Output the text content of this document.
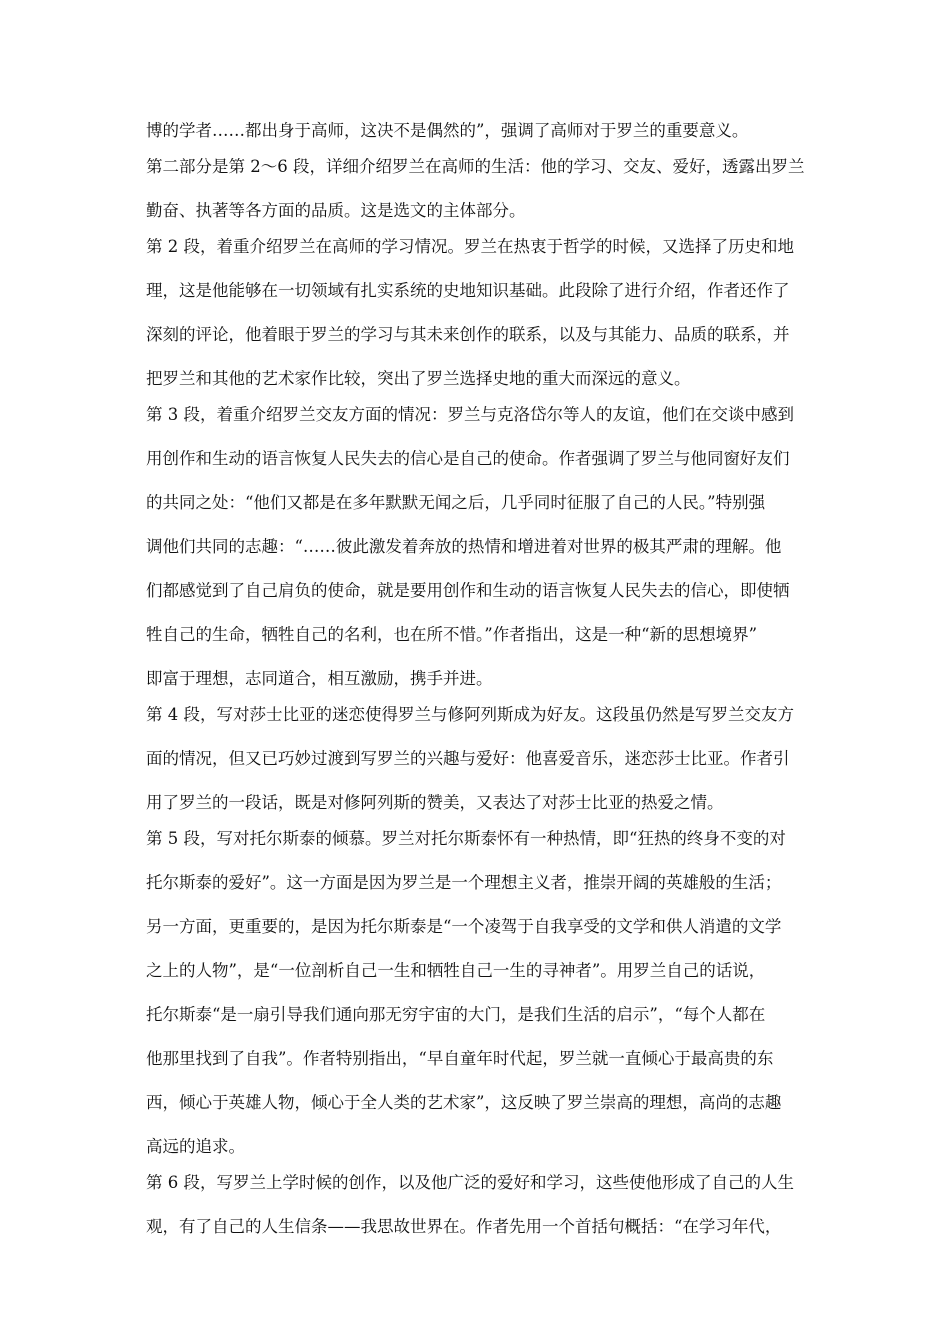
博的学者……都出身于高师，这决不是偶然的”，强调了高师对于罗兰的重要意义。
第二部分是第 2～6 段，详细介绍罗兰在高师的生活：他的学习、交友、爱好，透露出罗兰
勤奋、执著等各方面的品质。这是选文的主体部分。
第 2 段，着重介绍罗兰在高师的学习情况。罗兰在热衷于哲学的时候，又选择了历史和地
理，这是他能够在一切领域有扎实系统的史地知识基础。此段除了进行介绍，作者还作了
深刻的评论，他着眼于罗兰的学习与其未来创作的联系，以及与其能力、品质的联系，并
把罗兰和其他的艺术家作比较，突出了罗兰选择史地的重大而深远的意义。
第 3 段，着重介绍罗兰交友方面的情况：罗兰与克洛岱尔等人的友谊，他们在交谈中感到
用创作和生动的语言恢复人民失去的信心是自己的使命。作者强调了罗兰与他同窗好友们
的共同之处：“他们又都是在多年默默无闻之后，几乎同时征服了自己的人民。”特别强
调他们共同的志趣：“……彼此激发着奔放的热情和增进着对世界的极其严肃的理解。他
们都感觉到了自己肩负的使命，就是要用创作和生动的语言恢复人民失去的信心，即使牺
牲自己的生命，牺牲自己的名利，也在所不惜。”作者指出，这是一种“新的思想境界”
即富于理想，志同道合，相互激励，携手并进。
第 4 段，写对莎士比亚的迷恋使得罗兰与修阿列斯成为好友。这段虽仍然是写罗兰交友方
面的情况，但又已巧妙过渡到写罗兰的兴趣与爱好：他喜爱音乐，迷恋莎士比亚。作者引
用了罗兰的一段话，既是对修阿列斯的赞美，又表达了对莎士比亚的热爱之情。
第 5 段，写对托尔斯泰的倾慕。罗兰对托尔斯泰怀有一种热情，即“狂热的终身不变的对
托尔斯泰的爱好”。这一方面是因为罗兰是一个理想主义者，推崇开阔的英雄般的生活；
另一方面，更重要的，是因为托尔斯泰是“一个凌驾于自我享受的文学和供人消遣的文学
之上的人物”，是“一位剖析自己一生和牺牲自己一生的寻神者”。用罗兰自己的话说，
托尔斯泰“是一扇引导我们通向那无穷宇宙的大门，是我们生活的启示”，“每个人都在
他那里找到了自我”。作者特别指出，“早自童年时代起，罗兰就一直倾心于最高贵的东
西，倾心于英雄人物，倾心于全人类的艺术家”，这反映了罗兰崇高的理想，高尚的志趣
高远的追求。
第 6 段，写罗兰上学时候的创作，以及他广泛的爱好和学习，这些使他形成了自己的人生
观，有了自己的人生信条——我思故世界在。作者先用一个首括句概括：“在学习年代，
